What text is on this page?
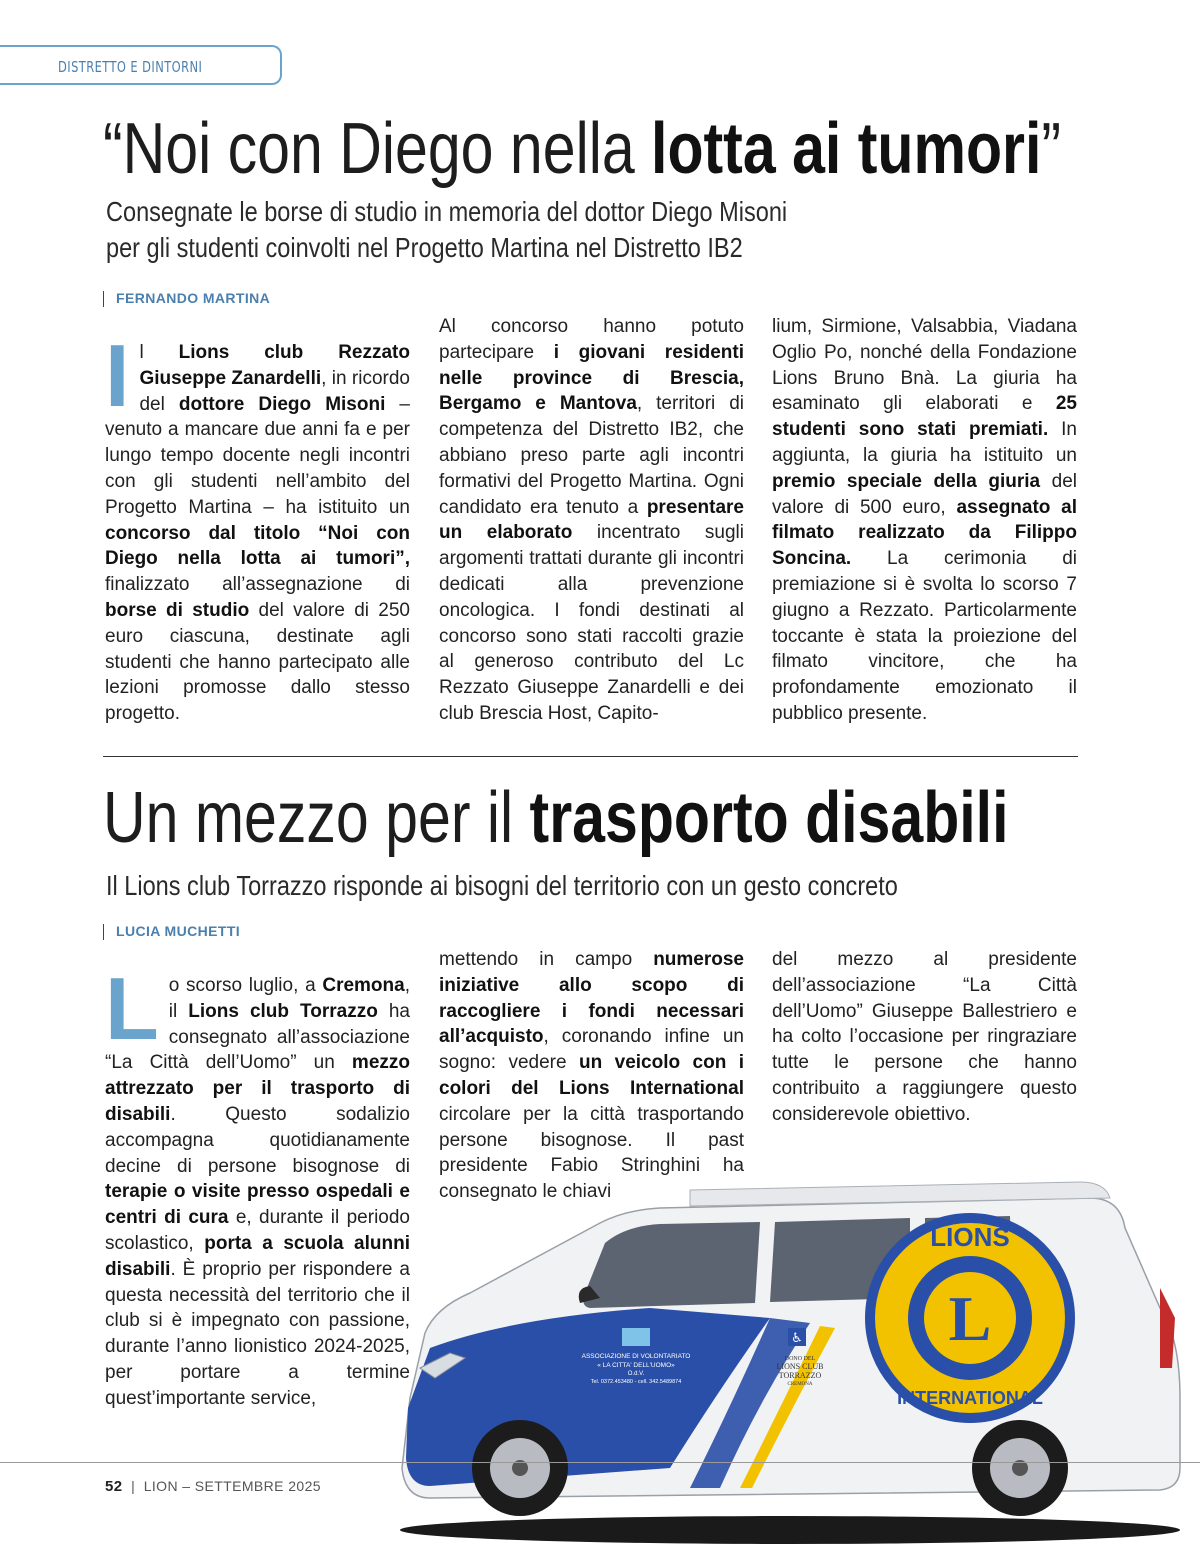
DISTRETTO E DINTORNI
“Noi con Diego nella lotta ai tumori”
Consegnate le borse di studio in memoria del dottor Diego Misoni
per gli studenti coinvolti nel Progetto Martina nel Distretto IB2
FERNANDO MARTINA
Il Lions club Rezzato Giuseppe Zanardelli, in ricordo del dottore Diego Misoni – venuto a mancare due anni fa e per lungo tempo docente negli incontri con gli studenti nell’ambito del Progetto Martina – ha istituito un concorso dal titolo “Noi con Diego nella lotta ai tumori”, finalizzato all’assegnazione di borse di studio del valore di 250 euro ciascuna, destinate agli studenti che hanno partecipato alle lezioni promosse dallo stesso progetto.
Al concorso hanno potuto partecipare i giovani residenti nelle province di Brescia, Bergamo e Mantova, territori di competenza del Distretto IB2, che abbiano preso parte agli incontri formativi del Progetto Martina. Ogni candidato era tenuto a presentare un elaborato incentrato sugli argomenti trattati durante gli incontri dedicati alla prevenzione oncologica. I fondi destinati al concorso sono stati raccolti grazie al generoso contributo del Lc Rezzato Giuseppe Zanardelli e dei club Brescia Host, Capito-
lium, Sirmione, Valsabbia, Viadana Oglio Po, nonché della Fondazione Lions Bruno Bnà. La giuria ha esaminato gli elaborati e 25 studenti sono stati premiati. In aggiunta, la giuria ha istituito un premio speciale della giuria del valore di 500 euro, assegnato al filmato realizzato da Filippo Soncina. La cerimonia di premiazione si è svolta lo scorso 7 giugno a Rezzato. Particolarmente toccante è stata la proiezione del filmato vincitore, che ha profondamente emozionato il pubblico presente.
Un mezzo per il trasporto disabili
Il Lions club Torrazzo risponde ai bisogni del territorio con un gesto concreto
LUCIA MUCHETTI
Lo scorso luglio, a Cremona, il Lions club Torrazzo ha consegnato all’associazione “La Città dell’Uomo” un mezzo attrezzato per il trasporto di disabili. Questo sodalizio accompagna quotidianamente decine di persone bisognose di terapie o visite presso ospedali e centri di cura e, durante il periodo scolastico, porta a scuola alunni disabili. È proprio per rispondere a questa necessità del territorio che il club si è impegnato con passione, durante l’anno lionistico 2024-2025, per portare a termine quest’importante service,
mettendo in campo numerose iniziative allo scopo di raccogliere i fondi necessari all’acquisto, coronando infine un sogno: vedere un veicolo con i colori del Lions International circolare per la città trasportando persone bisognose. Il past presidente Fabio Stringhini ha consegnato le chiavi
del mezzo al presidente dell’associazione “La Città dell’Uomo” Giuseppe Ballestriero e ha colto l’occasione per ringraziare tutte le persone che hanno contribuito a raggiungere questo considerevole obiettivo.
L
LIONS
INTERNATIONAL
♿
ASSOCIAZIONE DI VOLONTARIATO
« LA CITTA' DELL'UOMO»
O.d.V.
Tel. 0372.453480 - cell. 342.5489874
DONO DEL
LIONS CLUB
TORRAZZO
CREMONA
52  |  LION – SETTEMBRE 2025
